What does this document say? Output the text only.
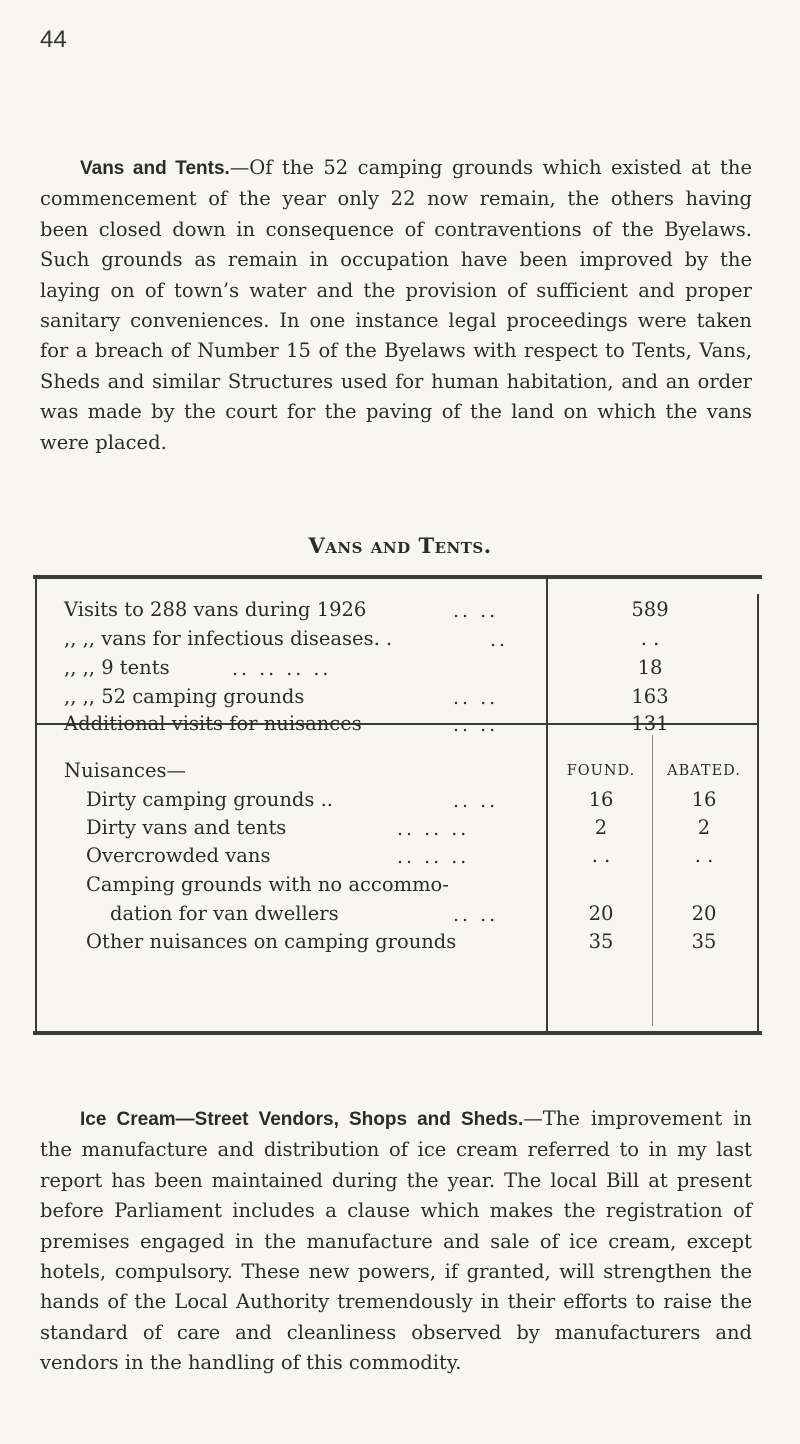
44

Vans and Tents.—Of the 52 camping grounds which existed at the commencement of the year only 22 now remain, the others having been closed down in consequence of contraventions of the Byelaws. Such grounds as remain in occupation have been improved by the laying on of town’s water and the provision of sufficient and proper sanitary conveniences. In one instance legal proceedings were taken for a breach of Number 15 of the Byelaws with respect to Tents, Vans, Sheds and similar Structures used for human habitation, and an order was made by the court for the paving of the land on which the vans were placed.

Vans and Tents.
Visits to 288 vans during 1926	.. ..	589
,, ,, vans for infectious diseases. .	..	. .
,, ,, 9 tents	.. .. .. ..	18
,, ,, 52 camping grounds	.. ..	163
Additional visits for nuisances	.. ..	131
Nuisances—	FOUND.	ABATED.
Dirty camping grounds ..	.. ..	16	16
Dirty vans and tents	.. .. ..	2	2
Overcrowded vans	.. .. ..	. .	. .
Camping grounds with no accommo-
dation for van dwellers	.. ..	20	20
Other nuisances on camping grounds	35	35

Ice Cream—Street Vendors, Shops and Sheds.—The improvement in the manufacture and distribution of ice cream referred to in my last report has been maintained during the year. The local Bill at present before Parliament includes a clause which makes the registration of premises engaged in the manufacture and sale of ice cream, except hotels, compulsory. These new powers, if granted, will strengthen the hands of the Local Authority tremendously in their efforts to raise the standard of care and cleanliness observed by manufacturers and vendors in the handling of this commodity.
